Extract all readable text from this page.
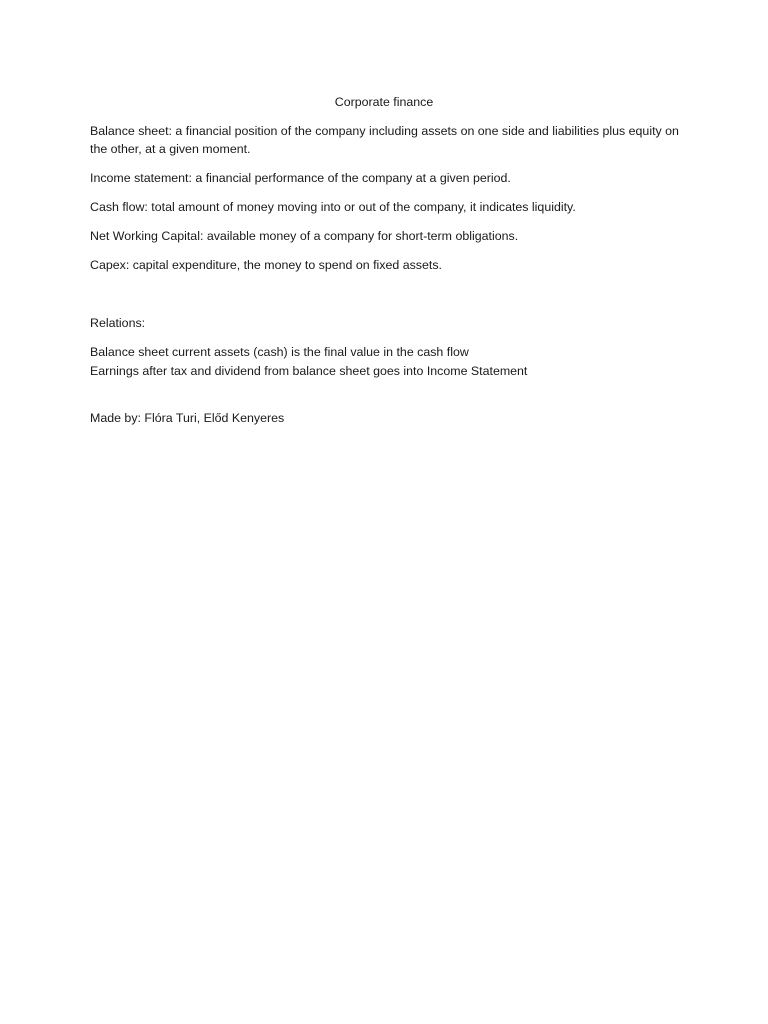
Corporate finance

Balance sheet: a financial position of the company including assets on one side and liabilities plus equity on the other, at a given moment.

Income statement: a financial performance of the company at a given period.

Cash flow: total amount of money moving into or out of the company, it indicates liquidity.

Net Working Capital: available money of a company for short-term obligations.

Capex: capital expenditure, the money to spend on fixed assets.

Relations:

Balance sheet current assets (cash) is the final value in the cash flow

Earnings after tax and dividend from balance sheet goes into Income Statement

Made by: Flóra Turi, Előd Kenyeres
